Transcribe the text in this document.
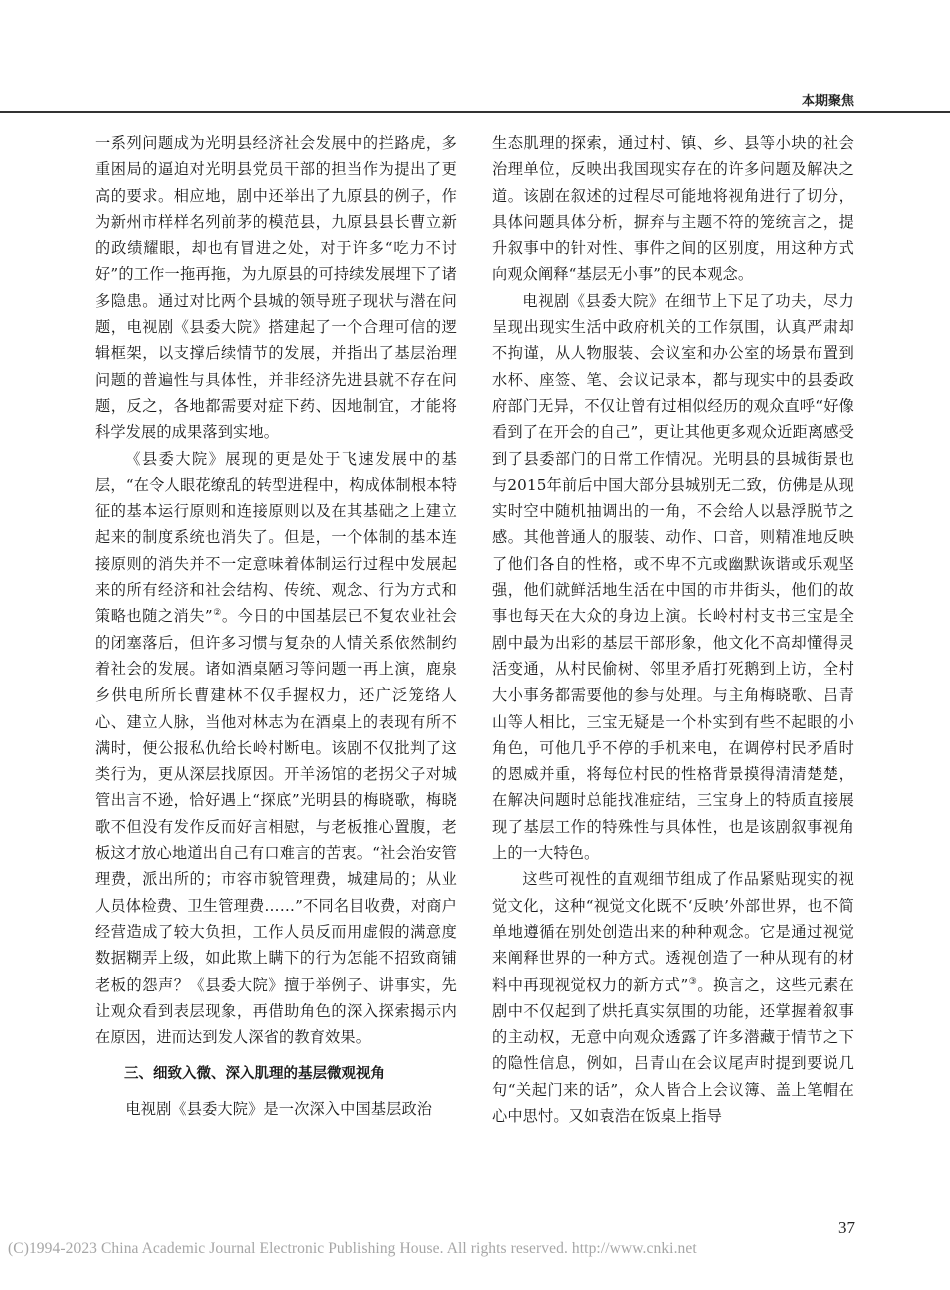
本期聚焦

一系列问题成为光明县经济社会发展中的拦路虎，多重困局的逼迫对光明县党员干部的担当作为提出了更高的要求。相应地，剧中还举出了九原县的例子，作为新州市样样名列前茅的模范县，九原县县长曹立新的政绩耀眼，却也有冒进之处，对于许多“吃力不讨好”的工作一拖再拖，为九原县的可持续发展埋下了诸多隐患。通过对比两个县城的领导班子现状与潜在问题，电视剧《县委大院》搭建起了一个合理可信的逻辑框架，以支撑后续情节的发展，并指出了基层治理问题的普遍性与具体性，并非经济先进县就不存在问题，反之，各地都需要对症下药、因地制宜，才能将科学发展的成果落到实地。

《县委大院》展现的更是处于飞速发展中的基层，“在令人眼花缭乱的转型进程中，构成体制根本特征的基本运行原则和连接原则以及在其基础之上建立起来的制度系统也消失了。但是，一个体制的基本连接原则的消失并不一定意味着体制运行过程中发展起来的所有经济和社会结构、传统、观念、行为方式和策略也随之消失”②。今日的中国基层已不复农业社会的闭塞落后，但许多习惯与复杂的人情关系依然制约着社会的发展。诸如酒桌陋习等问题一再上演，鹿泉乡供电所所长曹建林不仅手握权力，还广泛笼络人心、建立人脉，当他对林志为在酒桌上的表现有所不满时，便公报私仇给长岭村断电。该剧不仅批判了这类行为，更从深层找原因。开羊汤馆的老拐父子对城管出言不逊，恰好遇上“探底”光明县的梅晓歌，梅晓歌不但没有发作反而好言相慰，与老板推心置腹，老板这才放心地道出自己有口难言的苦衷。“社会治安管理费，派出所的；市容市貌管理费，城建局的；从业人员体检费、卫生管理费……”不同名目收费，对商户经营造成了较大负担，工作人员反而用虚假的满意度数据糊弄上级，如此欺上瞒下的行为怎能不招致商铺老板的怨声？《县委大院》擅于举例子、讲事实，先让观众看到表层现象，再借助角色的深入探索揭示内在原因，进而达到发人深省的教育效果。

三、细致入微、深入肌理的基层微观视角

电视剧《县委大院》是一次深入中国基层政治

生态肌理的探索，通过村、镇、乡、县等小块的社会治理单位，反映出我国现实存在的许多问题及解决之道。该剧在叙述的过程尽可能地将视角进行了切分，具体问题具体分析，摒弃与主题不符的笼统言之，提升叙事中的针对性、事件之间的区别度，用这种方式向观众阐释“基层无小事”的民本观念。

电视剧《县委大院》在细节上下足了功夫，尽力呈现出现实生活中政府机关的工作氛围，认真严肃却不拘谨，从人物服装、会议室和办公室的场景布置到水杯、座签、笔、会议记录本，都与现实中的县委政府部门无异，不仅让曾有过相似经历的观众直呼“好像看到了在开会的自己”，更让其他更多观众近距离感受到了县委部门的日常工作情况。光明县的县城街景也与2015年前后中国大部分县城别无二致，仿佛是从现实时空中随机抽调出的一角，不会给人以悬浮脱节之感。其他普通人的服装、动作、口音，则精准地反映了他们各自的性格，或不卑不亢或幽默诙谐或乐观坚强，他们就鲜活地生活在中国的市井街头，他们的故事也每天在大众的身边上演。长岭村村支书三宝是全剧中最为出彩的基层干部形象，他文化不高却懂得灵活变通，从村民偷树、邻里矛盾打死鹅到上访，全村大小事务都需要他的参与处理。与主角梅晓歌、吕青山等人相比，三宝无疑是一个朴实到有些不起眼的小角色，可他几乎不停的手机来电，在调停村民矛盾时的恩威并重，将每位村民的性格背景摸得清清楚楚，在解决问题时总能找准症结，三宝身上的特质直接展现了基层工作的特殊性与具体性，也是该剧叙事视角上的一大特色。

这些可视性的直观细节组成了作品紧贴现实的视觉文化，这种“视觉文化既不‘反映’外部世界，也不简单地遵循在别处创造出来的种种观念。它是通过视觉来阐释世界的一种方式。透视创造了一种从现有的材料中再现视觉权力的新方式”③。换言之，这些元素在剧中不仅起到了烘托真实氛围的功能，还掌握着叙事的主动权，无意中向观众透露了许多潜藏于情节之下的隐性信息，例如，吕青山在会议尾声时提到要说几句“关起门来的话”，众人皆合上会议簿、盖上笔帽在心中思忖。又如袁浩在饭桌上指导

37
(C)1994-2023 China Academic Journal Electronic Publishing House. All rights reserved. http://www.cnki.net
